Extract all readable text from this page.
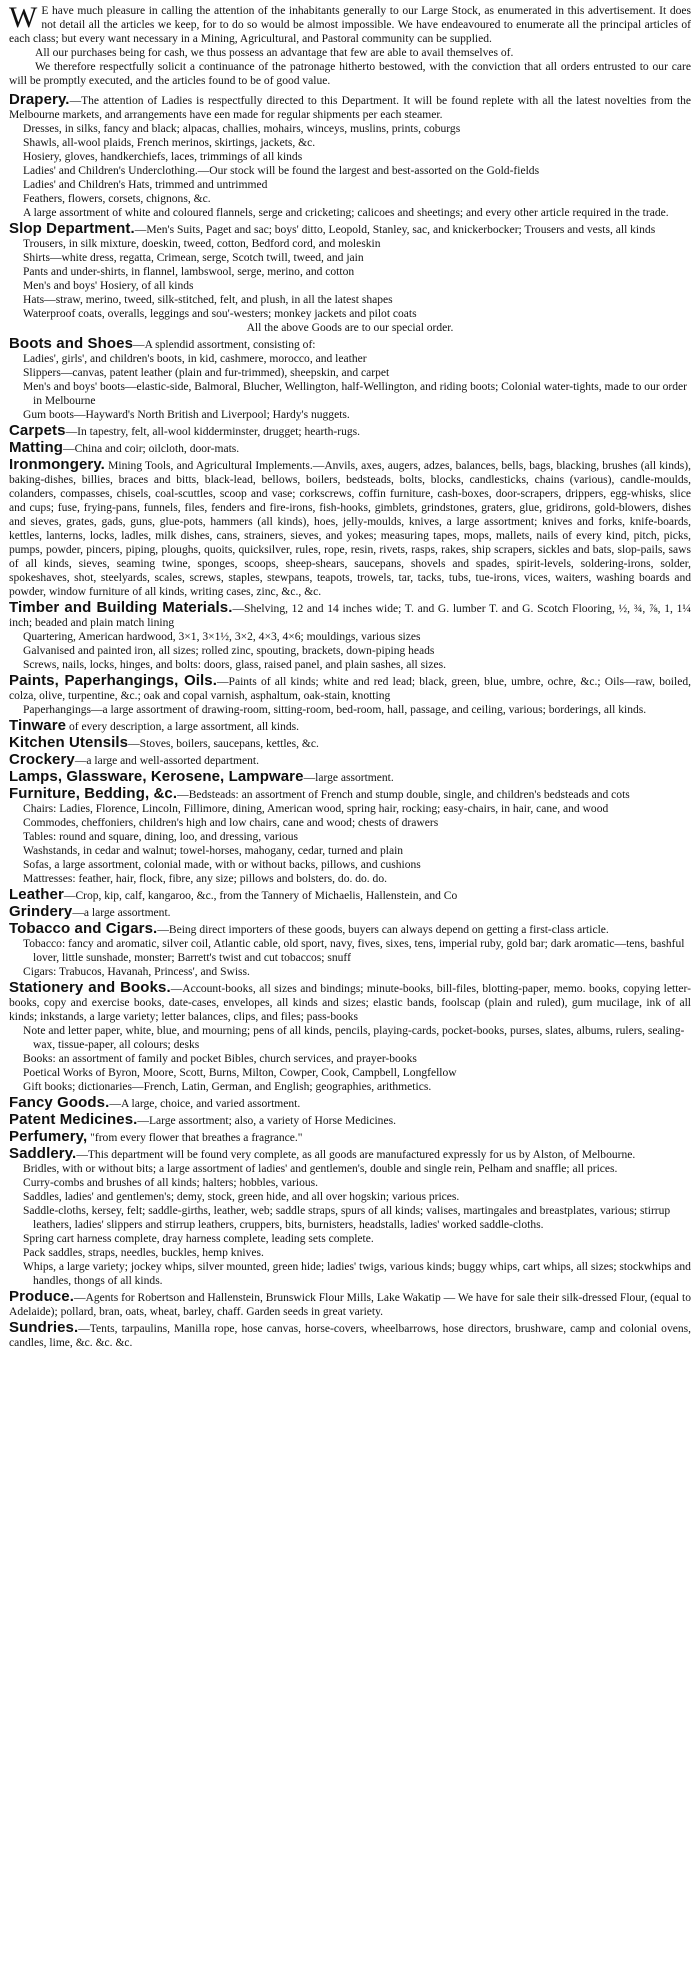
W E have much pleasure in calling the attention of the inhabitants generally to our Large Stock, as enumerated in this advertisement. It does not detail all the articles we keep, for to do so would be almost impossible. We have endeavoured to enumerate all the principal articles of each class; but every want necessary in a Mining, Agricultural, and Pastoral community can be supplied.

All our purchases being for cash, we thus possess an advantage that few are able to avail themselves of.

We therefore respectfully solicit a continuance of the patronage hitherto bestowed, with the conviction that all orders entrusted to our care will be promptly executed, and the articles found to be of good value.

Drapery.—The attention of Ladies is respectfully directed to this Department. It will be found replete with all the latest novelties from the Melbourne markets, and arrangements have een made for regular shipments per each steamer.

Dresses, in silks, fancy and black; alpacas, challies, mohairs, winceys, muslins, prints, coburgs
Shawls, all-wool plaids, French merinos, skirtings, jackets, &c.
Hosiery, gloves, handkerchiefs, laces, trimmings of all kinds
Ladies' and Children's Underclothing.—Our stock will be found the largest and best-assorted on the Gold-fields
Ladies' and Children's Hats, trimmed and untrimmed
Feathers, flowers, corsets, chignons, &c.
A large assortment of white and coloured flannels, serge and cricketing; calicoes and sheetings; and every other article required in the trade.

Slop Department.—Men's Suits, Paget and sac; boys' ditto, Leopold, Stanley, sac, and knickerbocker; Trousers and vests, all kinds

Trousers, in silk mixture, doeskin, tweed, cotton, Bedford cord, and moleskin
Shirts—white dress, regatta, Crimean, serge, Scotch twill, tweed, and jain
Pants and under-shirts, in flannel, lambswool, serge, merino, and cotton
Men's and boys' Hosiery, of all kinds
Hats—straw, merino, tweed, silk-stitched, felt, and plush, in all the latest shapes
Waterproof coats, overalls, leggings and sou'-westers; monkey jackets and pilot coats

All the above Goods are to our special order.

Boots and Shoes—A splendid assortment, consisting of:

Ladies', girls', and children's boots, in kid, cashmere, morocco, and leather
Slippers—canvas, patent leather (plain and fur-trimmed), sheepskin, and carpet
Men's and boys' boots—elastic-side, Balmoral, Blucher, Wellington, half-Wellington, and riding boots; Colonial water-tights, made to our order in Melbourne
Gum boots—Hayward's North British and Liverpool; Hardy's nuggets.

Carpets—In tapestry, felt, all-wool kidderminster, drugget; hearth-rugs.

Matting—China and coir; oilcloth, door-mats.

Ironmongery. Mining Tools, and Agricultural Implements.—Anvils, axes, augers, adzes, balances, bells, bags, blacking, brushes (all kinds), baking-dishes, billies, braces and bitts, black-lead, bellows, boilers, bedsteads, bolts, blocks, candlesticks, chains (various), candle-moulds, colanders, compasses, chisels, coal-scuttles, scoop and vase; corkscrews, coffin furniture, cash-boxes, door-scrapers, drippers, egg-whisks, slice and cups; fuse, frying-pans, funnels, files, fenders and fire-irons, fish-hooks, gimblets, grindstones, graters, glue, gridirons, gold-blowers, dishes and sieves, grates, gads, guns, glue-pots, hammers (all kinds), hoes, jelly-moulds, knives, a large assortment; knives and forks, knife-boards, kettles, lanterns, locks, ladles, milk dishes, cans, strainers, sieves, and yokes; measuring tapes, mops, mallets, nails of every kind, pitch, picks, pumps, powder, pincers, piping, ploughs, quoits, quicksilver, rules, rope, resin, rivets, rasps, rakes, ship scrapers, sickles and bats, slop-pails, saws of all kinds, sieves, seaming twine, sponges, scoops, sheep-shears, saucepans, shovels and spades, spirit-levels, soldering-irons, solder, spokeshaves, shot, steelyards, scales, screws, staples, stewpans, teapots, trowels, tar, tacks, tubs, tue-irons, vices, waiters, washing boards and powder, window furniture of all kinds, writing cases, zinc, &c., &c.

Timber and Building Materials.—Shelving, 12 and 14 inches wide; T. and G. lumber T. and G. Scotch Flooring, ½, ¾, ⅞, 1, 1¼ inch; beaded and plain match lining

Quartering, American hardwood, 3×1, 3×1½, 3×2, 4×3, 4×6; mouldings, various sizes
Galvanised and painted iron, all sizes; rolled zinc, spouting, brackets, down-piping heads
Screws, nails, locks, hinges, and bolts: doors, glass, raised panel, and plain sashes, all sizes.

Paints, Paperhangings, Oils.—Paints of all kinds; white and red lead; black, green, blue, umbre, ochre, &c.; Oils—raw, boiled, colza, olive, turpentine, &c.; oak and copal varnish, asphaltum, oak-stain, knotting

Paperhangings—a large assortment of drawing-room, sitting-room, bed-room, hall, passage, and ceiling, various; borderings, all kinds.

Tinware of every description, a large assortment, all kinds.

Kitchen Utensils—Stoves, boilers, saucepans, kettles, &c.

Crockery—a large and well-assorted department.

Lamps, Glassware, Kerosene, Lampware—large assortment.

Furniture, Bedding, &c.—Bedsteads: an assortment of French and stump double, single, and children's bedsteads and cots

Chairs: Ladies, Florence, Lincoln, Fillimore, dining, American wood, spring hair, rocking; easy-chairs, in hair, cane, and wood
Commodes, cheffoniers, children's high and low chairs, cane and wood; chests of drawers
Tables: round and square, dining, loo, and dressing, various
Washstands, in cedar and walnut; towel-horses, mahogany, cedar, turned and plain
Sofas, a large assortment, colonial made, with or without backs, pillows, and cushions
Mattresses: feather, hair, flock, fibre, any size; pillows and bolsters, do. do. do.

Leather—Crop, kip, calf, kangaroo, &c., from the Tannery of Michaelis, Hallenstein, and Co

Grindery—a large assortment.

Tobacco and Cigars.—Being direct importers of these goods, buyers can always depend on getting a first-class article.

Tobacco: fancy and aromatic, silver coil, Atlantic cable, old sport, navy, fives, sixes, tens, imperial ruby, gold bar; dark aromatic—tens, bashful lover, little sunshade, monster; Barrett's twist and cut tobaccos; snuff
Cigars: Trabucos, Havanah, Princess', and Swiss.

Stationery and Books.—Account-books, all sizes and bindings; minute-books, bill-files, blotting-paper, memo. books, copying letter-books, copy and exercise books, date-cases, envelopes, all kinds and sizes; elastic bands, foolscap (plain and ruled), gum mucilage, ink of all kinds; inkstands, a large variety; letter balances, clips, and files; pass-books

Note and letter paper, white, blue, and mourning; pens of all kinds, pencils, playing-cards, pocket-books, purses, slates, albums, rulers, sealing-wax, tissue-paper, all colours; desks
Books: an assortment of family and pocket Bibles, church services, and prayer-books
Poetical Works of Byron, Moore, Scott, Burns, Milton, Cowper, Cook, Campbell, Longfellow
Gift books; dictionaries—French, Latin, German, and English; geographies, arithmetics.

Fancy Goods.—A large, choice, and varied assortment.

Patent Medicines.—Large assortment; also, a variety of Horse Medicines.

Perfumery, "from every flower that breathes a fragrance."

Saddlery.—This department will be found very complete, as all goods are manufactured expressly for us by Alston, of Melbourne.

Bridles, with or without bits; a large assortment of ladies' and gentlemen's, double and single rein, Pelham and snaffle; all prices.
Curry-combs and brushes of all kinds; halters; hobbles, various.
Saddles, ladies' and gentlemen's; demy, stock, green hide, and all over hogskin; various prices.
Saddle-cloths, kersey, felt; saddle-girths, leather, web; saddle straps, spurs of all kinds; valises, martingales and breastplates, various; stirrup leathers, ladies' slippers and stirrup leathers, cruppers, bits, burnisters, headstalls, ladies' worked saddle-cloths.
Spring cart harness complete, dray harness complete, leading sets complete.
Pack saddles, straps, needles, buckles, hemp knives.
Whips, a large variety; jockey whips, silver mounted, green hide; ladies' twigs, various kinds; buggy whips, cart whips, all sizes; stockwhips and handles, thongs of all kinds.

Produce.—Agents for Robertson and Hallenstein, Brunswick Flour Mills, Lake Wakatip — We have for sale their silk-dressed Flour, (equal to Adelaide); pollard, bran, oats, wheat, barley, chaff. Garden seeds in great variety.

Sundries.—Tents, tarpaulins, Manilla rope, hose canvas, horse-covers, wheelbarrows, hose directors, brushware, camp and colonial ovens, candles, lime, &c. &c. &c.
